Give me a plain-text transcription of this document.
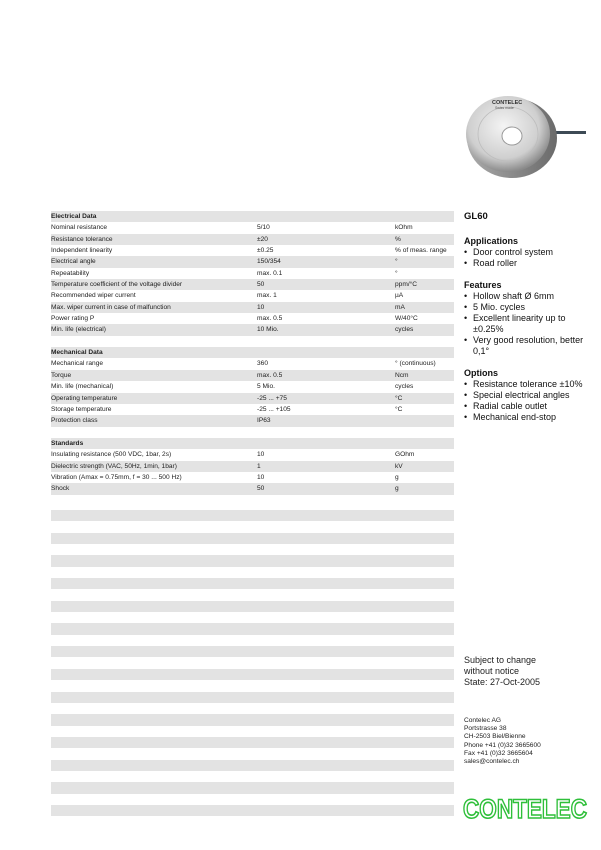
CONTELEC
Swiss made
Electrical Data
Nominal resistance	5/10	kOhm
Resistance tolerance	±20	%
Independent linearity	±0.25	% of meas. range
Electrical angle	150/354	°
Repeatability	max. 0.1	°
Temperature coefficient of the voltage divider	50	ppm/°C
Recommended wiper current	max. 1	µA
Max. wiper current in case of malfunction	10	mA
Power rating P	max. 0.5	W/40°C
Min. life (electrical)	10 Mio.	cycles
Mechanical Data
Mechanical range	360	° (continuous)
Torque	max. 0.5	Ncm
Min. life (mechanical)	5 Mio.	cycles
Operating temperature	-25 ... +75	°C
Storage temperature	-25 ... +105	°C
Protection class	IP63
Standards
Insulating resistance (500 VDC, 1bar, 2s)	10	GOhm
Dielectric strength (VAC, 50Hz, 1min, 1bar)	1	kV
Vibration (Amax = 0.75mm, f = 30 ... 500 Hz)	10	g
Shock	50	g
GL60
Applications
• Door control system
• Road roller
Features
• Hollow shaft Ø 6mm
• 5 Mio. cycles
• Excellent linearity up to ±0.25%
• Very good resolution, better 0,1°
Options
• Resistance tolerance ±10%
• Special electrical angles
• Radial cable outlet
• Mechanical end-stop
Subject to change
without notice
State: 27-Oct-2005
Contelec AG
Portstrasse 38
CH-2503 Biel/Bienne
Phone +41 (0)32 3665600
Fax +41 (0)32 3665604
sales@contelec.ch
CONTELEC
